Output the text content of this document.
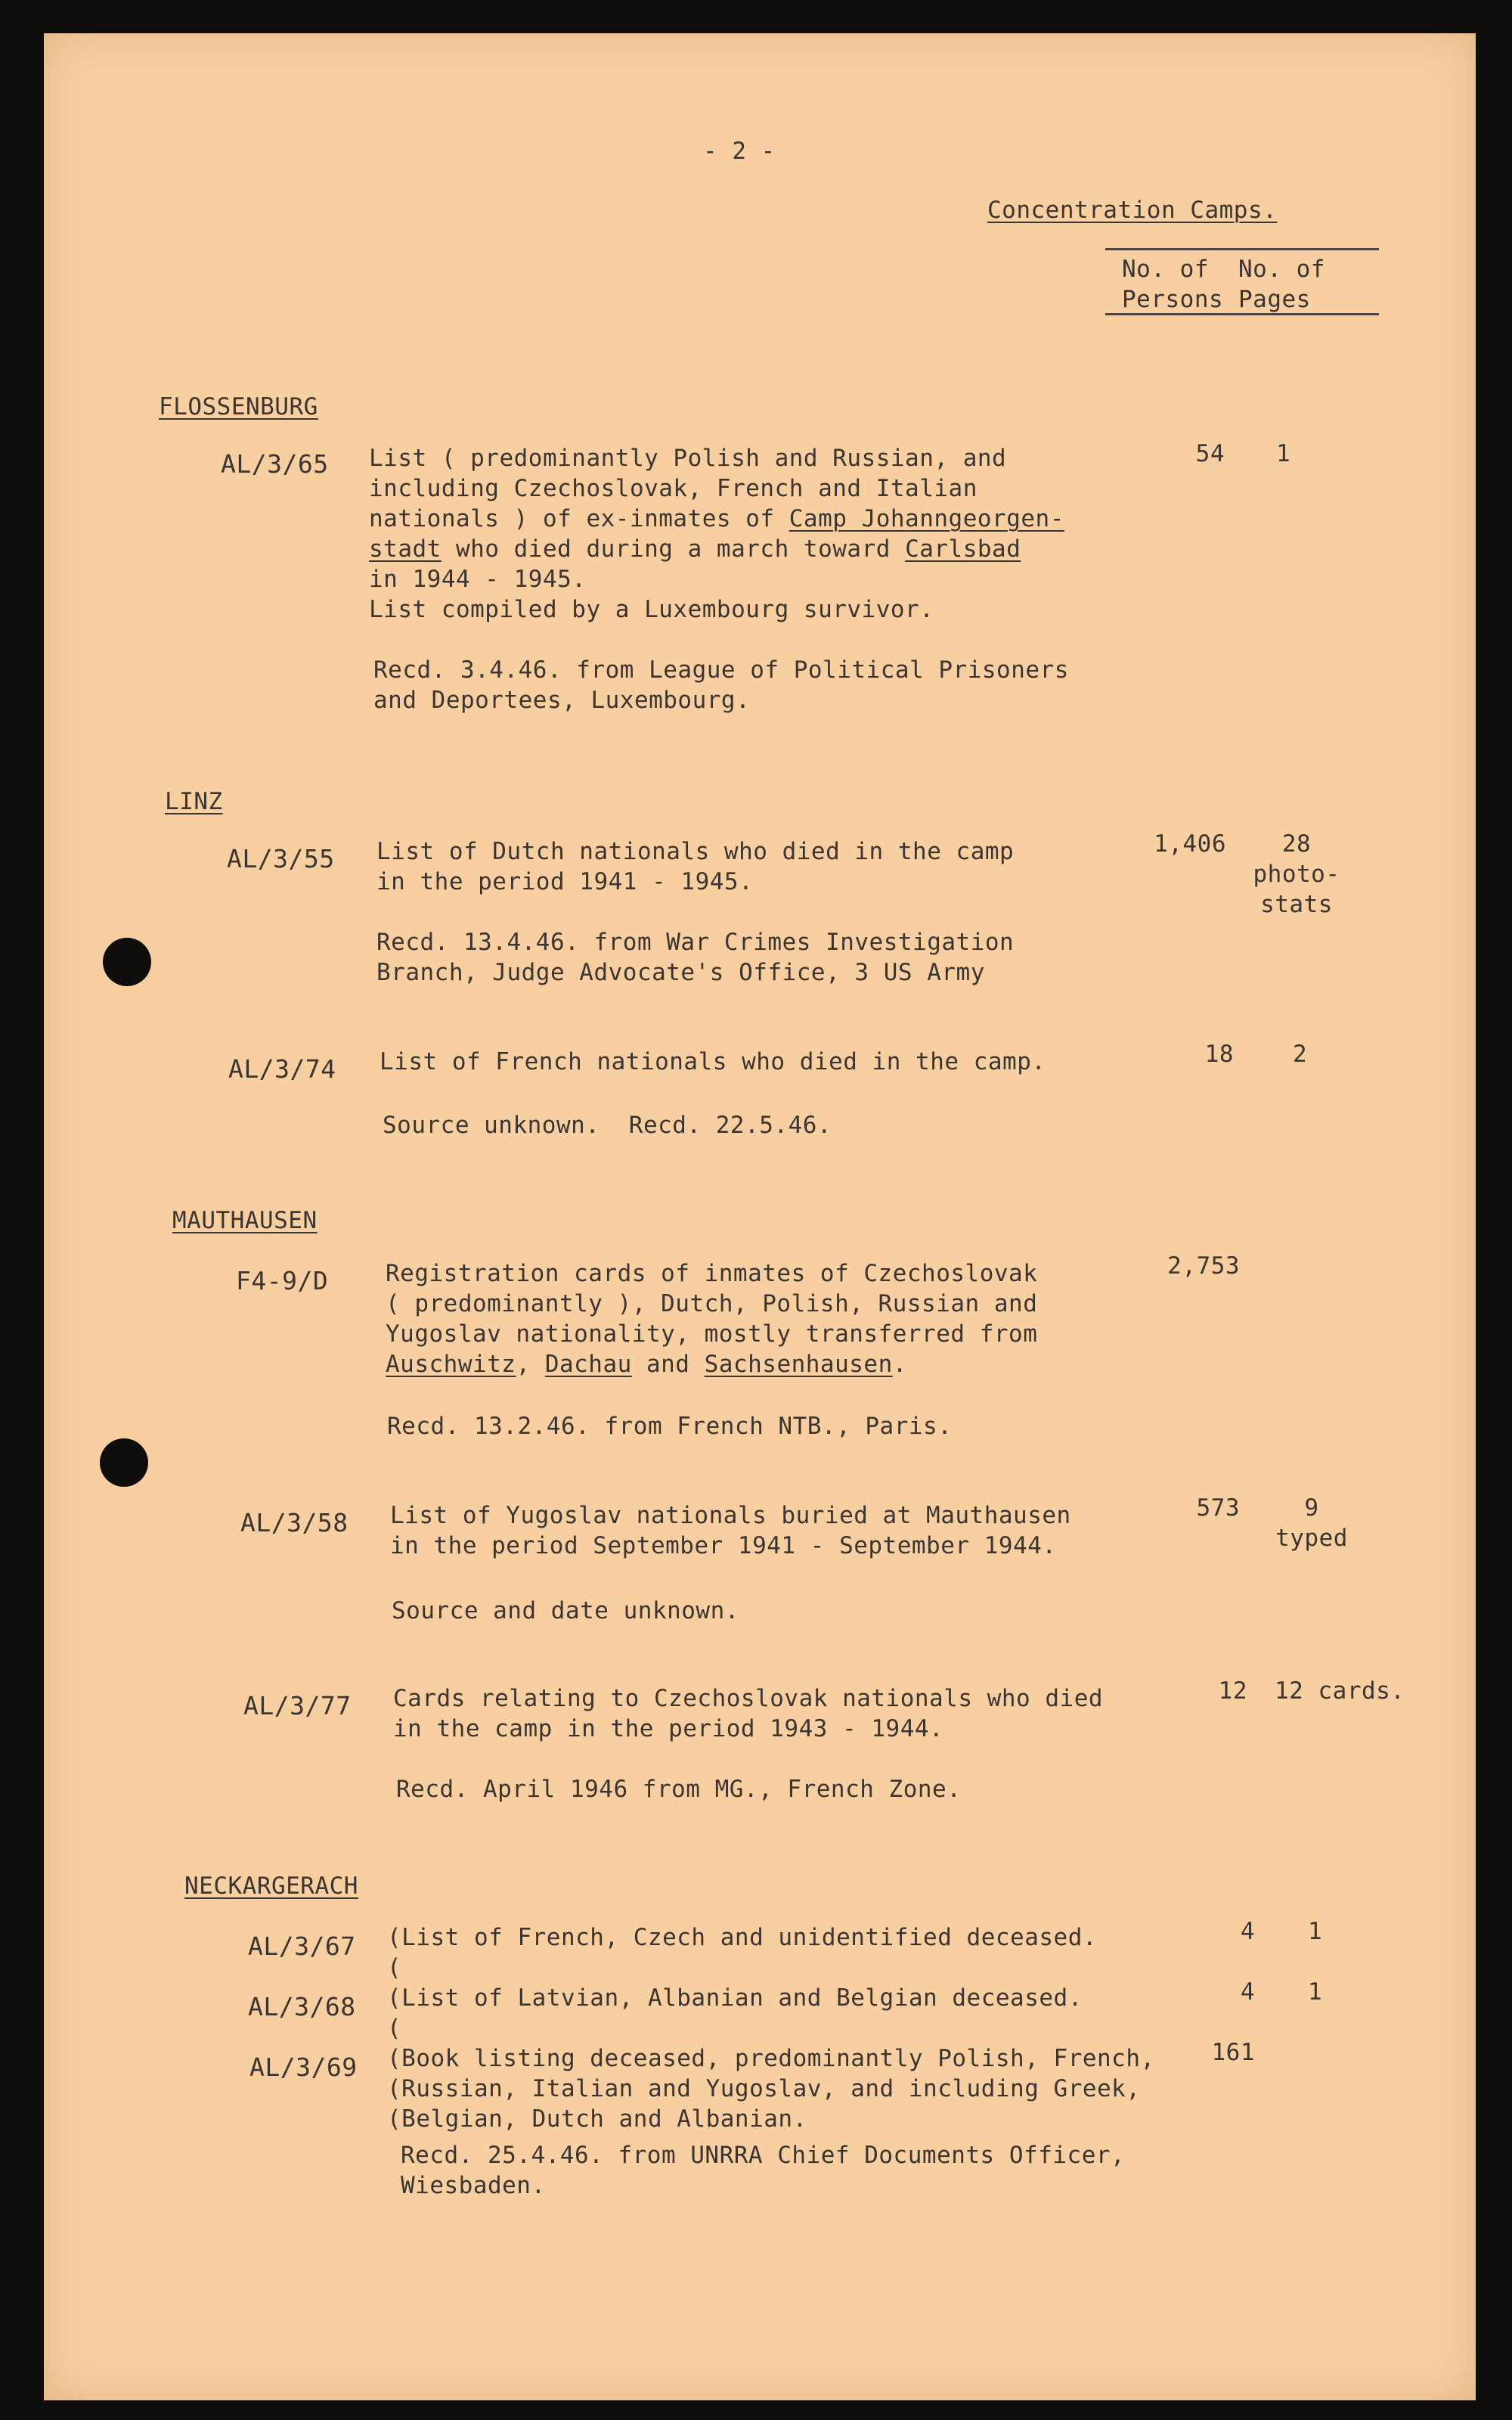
- 2 -
Concentration Camps.
No. of
Persons
No. of
Pages
FLOSSENBURG
AL/3/65 List ( predominantly Polish and Russian, and
including Czechoslovak, French and Italian
nationals ) of ex-inmates of Camp Johanngeorgen-
stadt who died during a march toward Carlsbad
in 1944 - 1945.
List compiled by a Luxembourg survivor.
Recd. 3.4.46. from League of Political Prisoners
and Deportees, Luxembourg.
54 1
LINZ
AL/3/55 List of Dutch nationals who died in the camp
in the period 1941 - 1945.
Recd. 13.4.46. from War Crimes Investigation
Branch, Judge Advocate's Office, 3 US Army
1,406	28
photo-
stats
AL/3/74 List of French nationals who died in the camp.
Source unknown.  Recd. 22.5.46.
18	2
MAUTHAUSEN
F4-9/D Registration cards of inmates of Czechoslovak
( predominantly ), Dutch, Polish, Russian and
Yugoslav nationality, mostly transferred from
Auschwitz, Dachau and Sachsenhausen.
Recd. 13.2.46. from French NTB., Paris.
2,753
AL/3/58 List of Yugoslav nationals buried at Mauthausen
in the period September 1941 - September 1944.
Source and date unknown.
573	9
typed
AL/3/77 Cards relating to Czechoslovak nationals who died
in the camp in the period 1943 - 1944.
Recd. April 1946 from MG., French Zone.
12 12 cards.
NECKARGERACH
AL/3/67 (List of French, Czech and unidentified deceased.
(
4 1
AL/3/68 (List of Latvian, Albanian and Belgian deceased.
(
4 1
AL/3/69 (Book listing deceased, predominantly Polish, French,
(Russian, Italian and Yugoslav, and including Greek,
(Belgian, Dutch and Albanian.
161
Recd. 25.4.46. from UNRRA Chief Documents Officer,
Wiesbaden.
